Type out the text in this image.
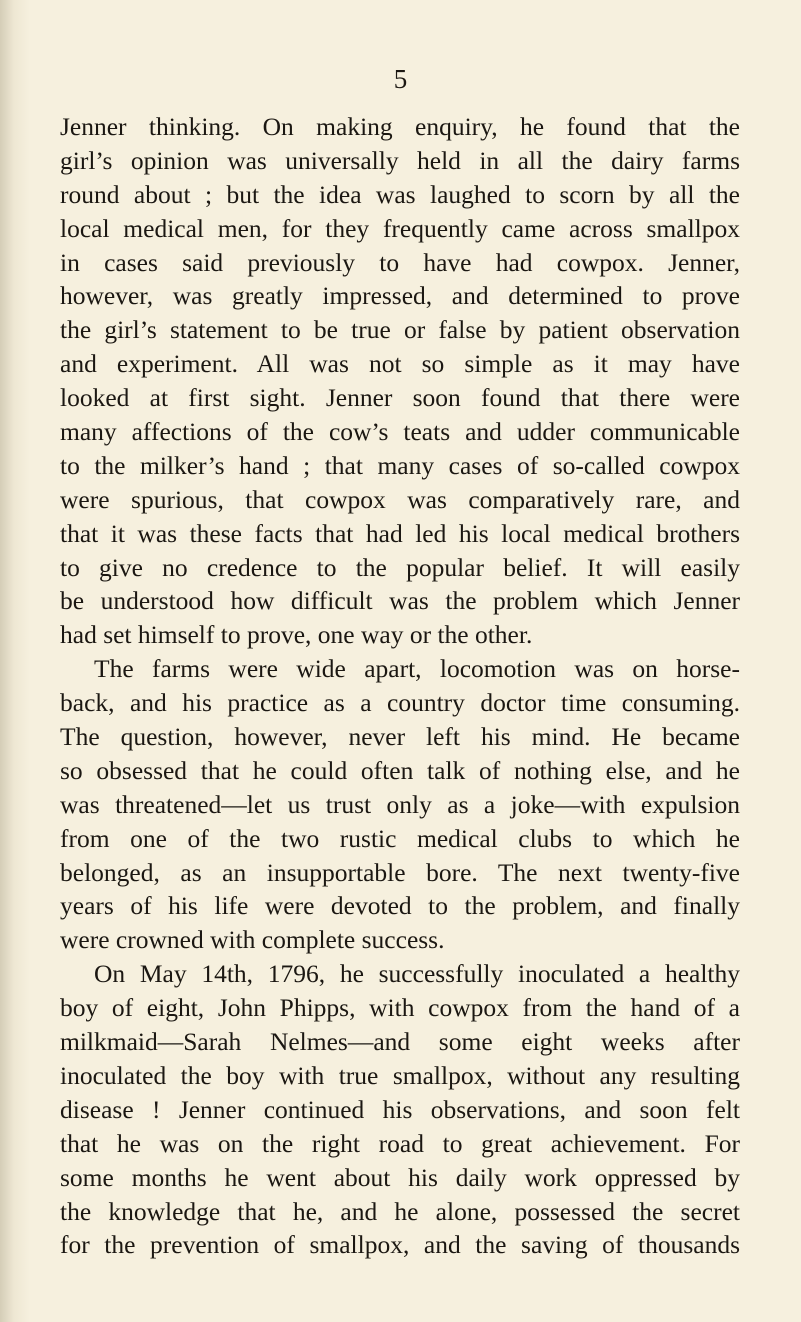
5
Jenner thinking. On making enquiry, he found that the
girl’s opinion was universally held in all the dairy farms
round about ; but the idea was laughed to scorn by all the
local medical men, for they frequently came across smallpox
in cases said previously to have had cowpox. Jenner,
however, was greatly impressed, and determined to prove
the girl’s statement to be true or false by patient observation
and experiment. All was not so simple as it may have
looked at first sight. Jenner soon found that there were
many affections of the cow’s teats and udder communicable
to the milker’s hand ; that many cases of so-called cowpox
were spurious, that cowpox was comparatively rare, and
that it was these facts that had led his local medical brothers
to give no credence to the popular belief. It will easily
be understood how difficult was the problem which Jenner
had set himself to prove, one way or the other.
The farms were wide apart, locomotion was on horse-
back, and his practice as a country doctor time consuming.
The question, however, never left his mind. He became
so obsessed that he could often talk of nothing else, and he
was threatened—let us trust only as a joke—with expulsion
from one of the two rustic medical clubs to which he
belonged, as an insupportable bore. The next twenty-five
years of his life were devoted to the problem, and finally
were crowned with complete success.
On May 14th, 1796, he successfully inoculated a healthy
boy of eight, John Phipps, with cowpox from the hand of a
milkmaid—Sarah Nelmes—and some eight weeks after
inoculated the boy with true smallpox, without any resulting
disease ! Jenner continued his observations, and soon felt
that he was on the right road to great achievement. For
some months he went about his daily work oppressed by
the knowledge that he, and he alone, possessed the secret
for the prevention of smallpox, and the saving of thousands
